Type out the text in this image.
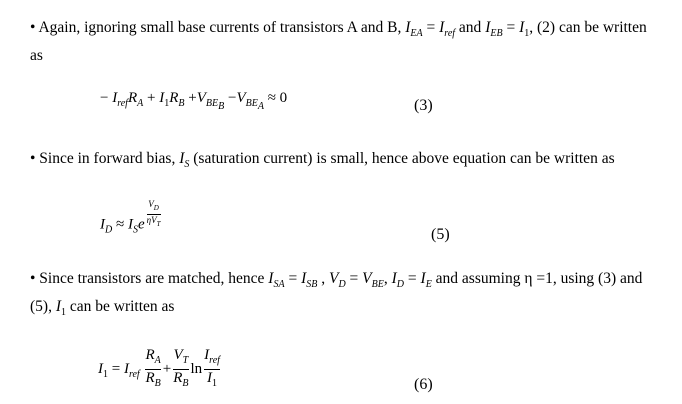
• Again, ignoring small base currents of transistors A and B, $I_{EA} = I_{ref}$ and $I_{EB} = I_1$, (2) can be written as
− $I_{ref}R_A + I_1R_B +V_{BE_B} -V_{BE_A} \approx 0$	(3)
• Since in forward bias, $I_S$ (saturation current) is small, hence above equation can be written as
$I_D \approx I_Se$ $^{\frac{V_D}{\eta V_T}}$
(5)
• Since transistors are matched, hence $I_{SA} = I_{SB}$ , $V_D = V_{BE}$, $I_D = I_E$ and assuming η =1, using (3) and (5), $I_1$ can be written as
$I_1 = I_{ref} \frac{R_A}{R_B} + \frac{V_T}{R_B}$ $\ln \frac{I_{ref}}{I_1}$	(6)
